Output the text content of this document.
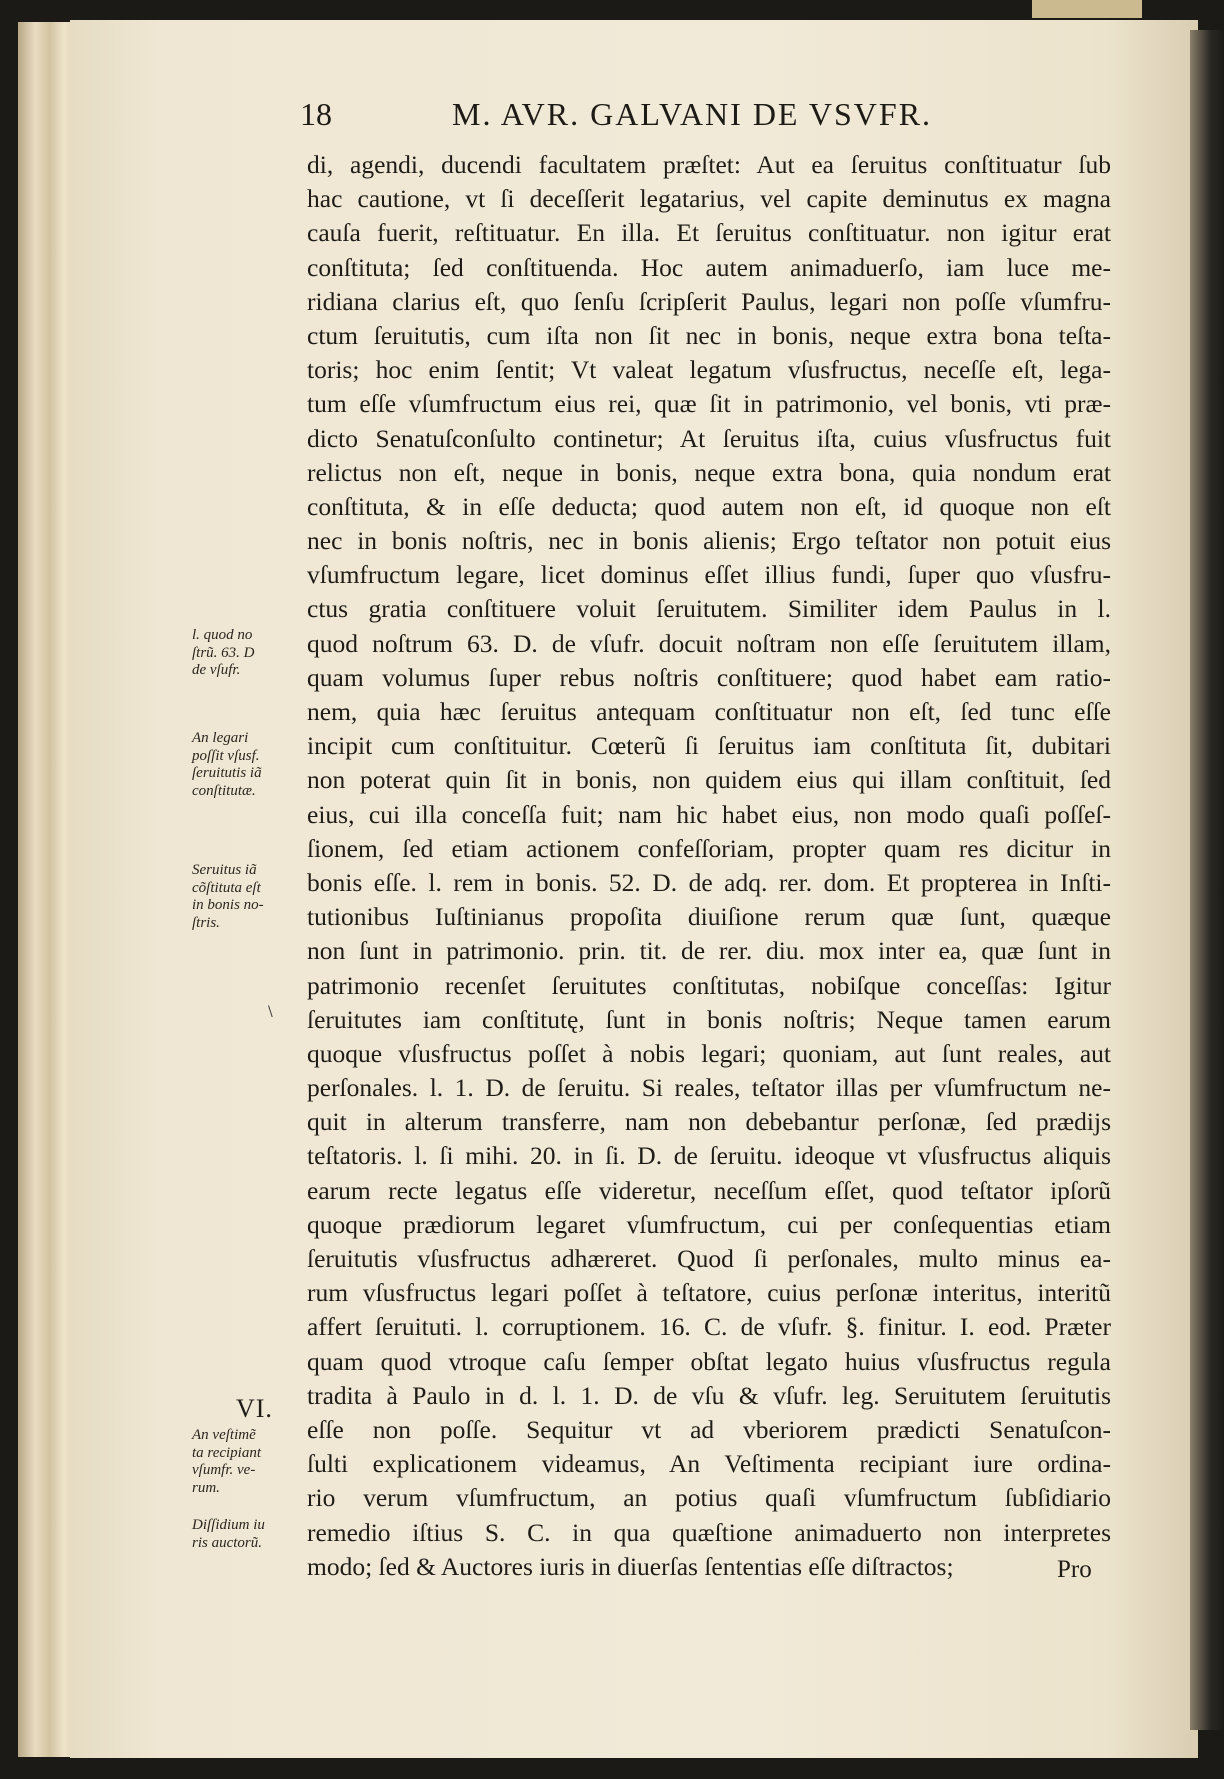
18	M. AVR. GALVANI DE VSVFR.
di, agendi, ducendi facultatem præſtet: Aut ea ſeruitus conſtituatur ſub
hac cautione, vt ſi deceſſerit legatarius, vel capite deminutus ex magna
cauſa fuerit, reſtituatur. En illa. Et ſeruitus conſtituatur. non igitur erat
conſtituta; ſed conſtituenda. Hoc autem animaduerſo, iam luce me-
ridiana clarius eſt, quo ſenſu ſcripſerit Paulus, legari non poſſe vſumfru-
ctum ſeruitutis, cum iſta non ſit nec in bonis, neque extra bona teſta-
toris; hoc enim ſentit; Vt valeat legatum vſusfructus, neceſſe eſt, lega-
tum eſſe vſumfructum eius rei, quæ ſit in patrimonio, vel bonis, vti præ-
dicto Senatuſconſulto continetur; At ſeruitus iſta, cuius vſusfructus fuit
relictus non eſt, neque in bonis, neque extra bona, quia nondum erat
conſtituta, & in eſſe deducta; quod autem non eſt, id quoque non eſt
nec in bonis noſtris, nec in bonis alienis; Ergo teſtator non potuit eius
vſumfructum legare, licet dominus eſſet illius fundi, ſuper quo vſusfru-
ctus gratia conſtituere voluit ſeruitutem. Similiter idem Paulus in l.
quod noſtrum 63. D. de vſufr. docuit noſtram non eſſe ſeruitutem illam,
quam volumus ſuper rebus noſtris conſtituere; quod habet eam ratio-
nem, quia hæc ſeruitus antequam conſtituatur non eſt, ſed tunc eſſe
incipit cum conſtituitur. Cœterũ ſi ſeruitus iam conſtituta ſit, dubitari
non poterat quin ſit in bonis, non quidem eius qui illam conſtituit, ſed
eius, cui illa conceſſa fuit; nam hic habet eius, non modo quaſi poſſeſ-
ſionem, ſed etiam actionem confeſſoriam, propter quam res dicitur in
bonis eſſe. l. rem in bonis. 52. D. de adq. rer. dom. Et propterea in Inſti-
tutionibus Iuſtinianus propoſita diuiſione rerum quæ ſunt, quæque
non ſunt in patrimonio. prin. tit. de rer. diu. mox inter ea, quæ ſunt in
patrimonio recenſet ſeruitutes conſtitutas, nobiſque conceſſas: Igitur
ſeruitutes iam conſtitutę, ſunt in bonis noſtris; Neque tamen earum
quoque vſusfructus poſſet à nobis legari; quoniam, aut ſunt reales, aut
perſonales. l. 1. D. de ſeruitu. Si reales, teſtator illas per vſumfructum ne-
quit in alterum transferre, nam non debebantur perſonæ, ſed prædijs
teſtatoris. l. ſi mihi. 20. in ſi. D. de ſeruitu. ideoque vt vſusfructus aliquis
earum recte legatus eſſe videretur, neceſſum eſſet, quod teſtator ipſorũ
quoque prædiorum legaret vſumfructum, cui per conſequentias etiam
ſeruitutis vſusfructus adhæreret. Quod ſi perſonales, multo minus ea-
rum vſusfructus legari poſſet à teſtatore, cuius perſonæ interitus, interitũ
affert ſeruituti. l. corruptionem. 16. C. de vſufr. §. finitur. I. eod. Præter
quam quod vtroque caſu ſemper obſtat legato huius vſusfructus regula
tradita à Paulo in d. l. 1. D. de vſu & vſufr. leg. Seruitutem ſeruitutis
eſſe non poſſe. Sequitur vt ad vberiorem prædicti Senatuſcon-
ſulti explicationem videamus, An Veſtimenta recipiant iure ordina-
rio verum vſumfructum, an potius quaſi vſumfructum ſubſidiario
remedio iſtius S. C. in qua quæſtione animaduerto non interpretes
modo; ſed & Auctores iuris in diuerſas ſententias eſſe diſtractos;
l. quod no
ſtrũ. 63. D
de vſufr.
An legari
poſſit vſusf.
ſeruitutis iã
conſtitutæ.
Seruitus iã
cõſtituta eſt
in bonis no-
ſtris.
An veſtimẽ
ta recipiant
vſumfr. ve-
rum.
Diſſidium iu
ris auctorũ.
VI.
Pro
\
